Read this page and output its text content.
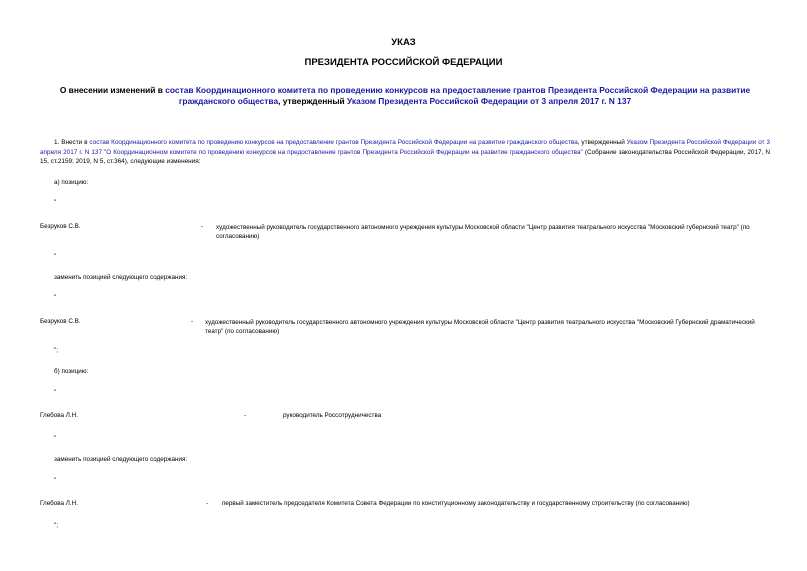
УКАЗ
ПРЕЗИДЕНТА РОССИЙСКОЙ ФЕДЕРАЦИИ
О внесении изменений в состав Координационного комитета по проведению конкурсов на предоставление грантов Президента Российской Федерации на развитие гражданского общества, утвержденный Указом Президента Российской Федерации от 3 апреля 2017 г. N 137
1. Внести в состав Координационного комитета по проведению конкурсов на предоставление грантов Президента Российской Федерации на развитие гражданского общества, утвержденный Указом Президента Российской Федерации от 3 апреля 2017 г. N 137 "О Координационном комитете по проведению конкурсов на предоставление грантов Президента Российской Федерации на развитие гражданского общества" (Собрание законодательства Российской Федерации, 2017, N 15, ст.2159; 2019, N 5, ст.364), следующие изменения:
а) позицию:
"
Безруков С.В.	- художественный руководитель государственного автономного учреждения культуры Московской области "Центр развития театрального искусства "Московский губернский театр" (по согласованию)
"
заменить позицией следующего содержания:
"
Безруков С.В.	- художественный руководитель государственного автономного учреждения культуры Московской области "Центр развития театрального искусства "Московский Губернский драматический театр" (по согласованию)
";
б) позицию:
"
Глебова Л.Н.	-	руководитель Россотрудничества
"
заменить позицией следующего содержания:
"
Глебова Л.Н.	- первый заместитель председателя Комитета Совета Федерации по конституционному законодательству и государственному строительству (по согласованию)
";
